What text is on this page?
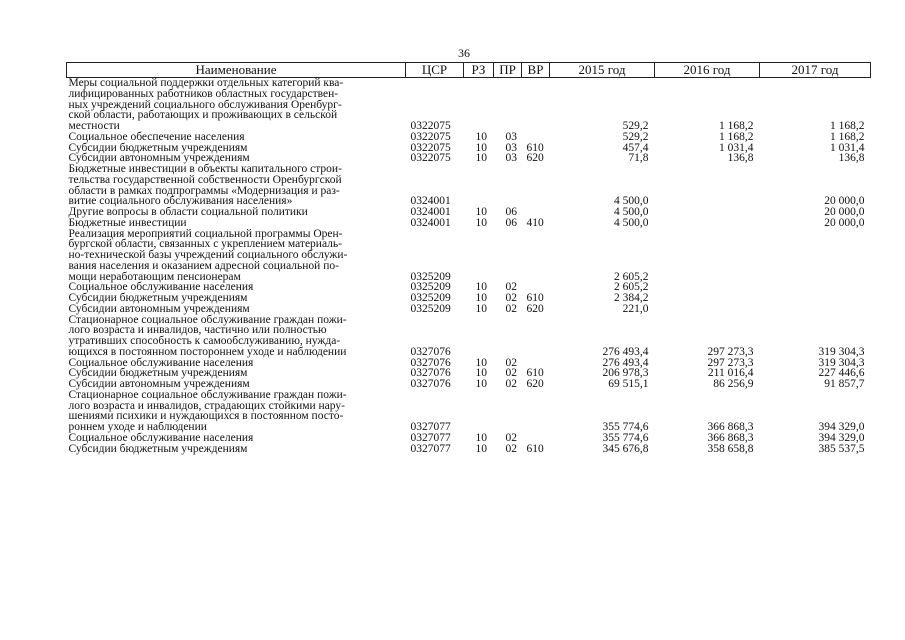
36
Наименование	ЦСР	РЗ	ПР	ВР	2015 год	2016 год	2017 год

Меры социальной поддержки отдельных категорий ква-
лифицированных работников областных государствен-
ных учреждений социального обслуживания Оренбург-
ской области, работающих и проживающих в сельской
местности	0322075				529,2	1 168,2	1 168,2

Социальное обеспечение населения	0322075	10	03		529,2	1 168,2	1 168,2

Субсидии бюджетным учреждениям	0322075	10	03	610	457,4	1 031,4	1 031,4

Субсидии автономным учреждениям	0322075	10	03	620	71,8	136,8	136,8

Бюджетные инвестиции в объекты капитального строи-
тельства государственной собственности Оренбургской
области в рамках подпрограммы «Модернизация и раз-
витие социального обслуживания населения»	0324001				4 500,0		20 000,0

Другие вопросы в области социальной политики	0324001	10	06		4 500,0		20 000,0

Бюджетные инвестиции	0324001	10	06	410	4 500,0		20 000,0

Реализация мероприятий социальной программы Орен-
бургской области, связанных с укреплением материаль-
но-технической базы учреждений социального обслужи-
вания населения и оказанием адресной социальной по-
мощи неработающим пенсионерам	0325209				2 605,2		

Социальное обслуживание населения	0325209	10	02		2 605,2		

Субсидии бюджетным учреждениям	0325209	10	02	610	2 384,2		

Субсидии автономным учреждениям	0325209	10	02	620	221,0		

Стационарное социальное обслуживание граждан пожи-
лого возраста и инвалидов, частично или полностью
утративших способность к самообслуживанию, нужда-
ющихся в постоянном постороннем уходе и наблюдении	0327076				276 493,4	297 273,3	319 304,3

Социальное обслуживание населения	0327076	10	02		276 493,4	297 273,3	319 304,3

Субсидии бюджетным учреждениям	0327076	10	02	610	206 978,3	211 016,4	227 446,6

Субсидии автономным учреждениям	0327076	10	02	620	69 515,1	86 256,9	91 857,7

Стационарное социальное обслуживание граждан пожи-
лого возраста и инвалидов, страдающих стойкими нару-
шениями психики и нуждающихся в постоянном посто-
роннем уходе и наблюдении	0327077				355 774,6	366 868,3	394 329,0

Социальное обслуживание населения	0327077	10	02		355 774,6	366 868,3	394 329,0

Субсидии бюджетным учреждениям	0327077	10	02	610	345 676,8	358 658,8	385 537,5
